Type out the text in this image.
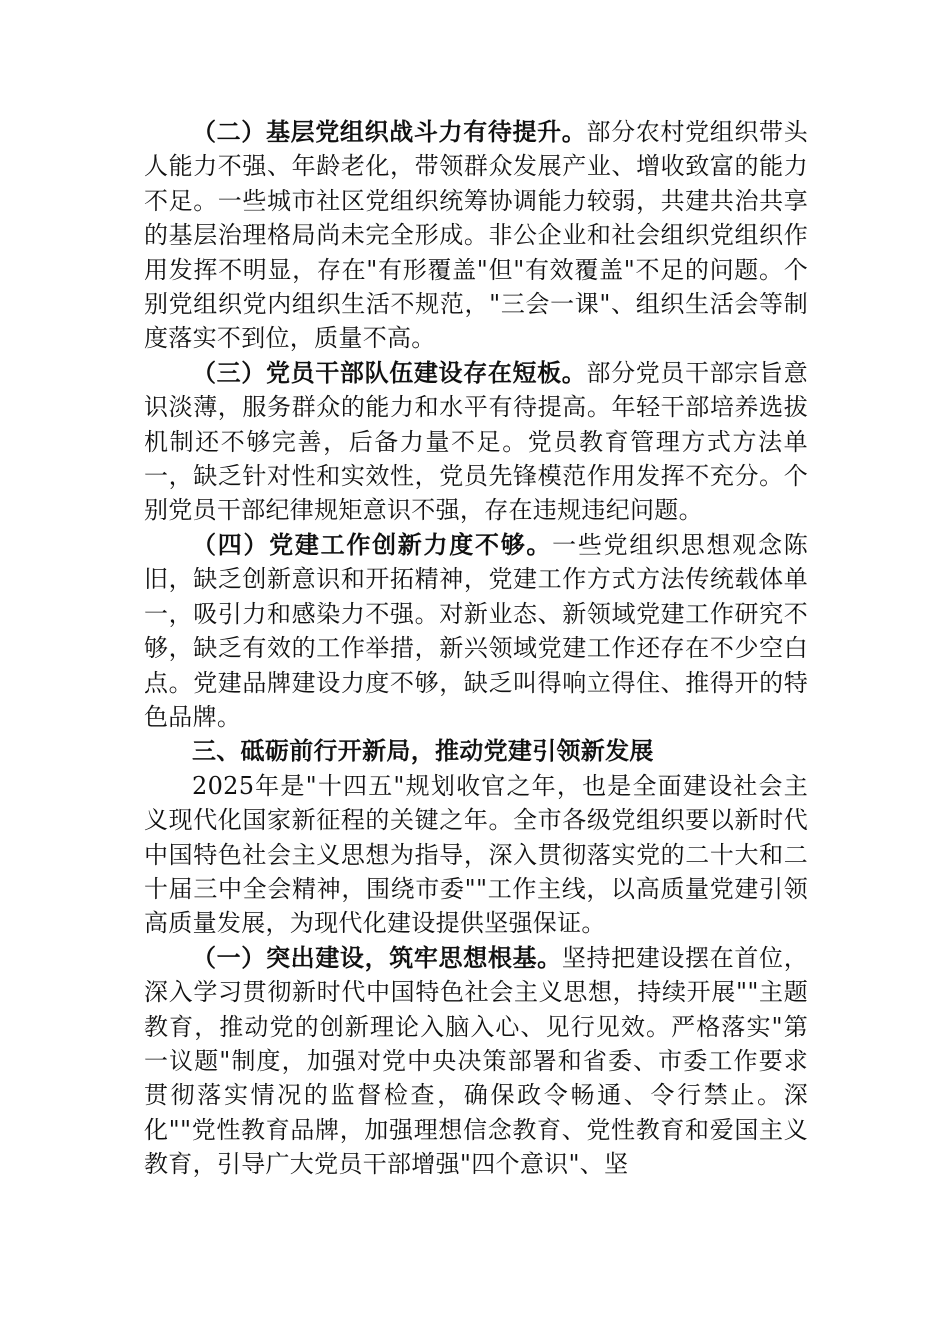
（二）基层党组织战斗力有待提升。部分农村党组织带头人能力不强、年龄老化，带领群众发展产业、增收致富的能力不足。一些城市社区党组织统筹协调能力较弱，共建共治共享的基层治理格局尚未完全形成。非公企业和社会组织党组织作用发挥不明显，存在"有形覆盖"但"有效覆盖"不足的问题。个别党组织党内组织生活不规范，"三会一课"、组织生活会等制度落实不到位，质量不高。

（三）党员干部队伍建设存在短板。部分党员干部宗旨意识淡薄，服务群众的能力和水平有待提高。年轻干部培养选拔机制还不够完善，后备力量不足。党员教育管理方式方法单一，缺乏针对性和实效性，党员先锋模范作用发挥不充分。个别党员干部纪律规矩意识不强，存在违规违纪问题。

（四）党建工作创新力度不够。一些党组织思想观念陈旧，缺乏创新意识和开拓精神，党建工作方式方法传统载体单一，吸引力和感染力不强。对新业态、新领域党建工作研究不够，缺乏有效的工作举措，新兴领域党建工作还存在不少空白点。党建品牌建设力度不够，缺乏叫得响立得住、推得开的特色品牌。

三、砥砺前行开新局，推动党建引领新发展

2025年是"十四五"规划收官之年，也是全面建设社会主义现代化国家新征程的关键之年。全市各级党组织要以新时代中国特色社会主义思想为指导，深入贯彻落实党的二十大和二十届三中全会精神，围绕市委""工作主线，以高质量党建引领高质量发展，为现代化建设提供坚强保证。

（一）突出建设，筑牢思想根基。坚持把建设摆在首位，深入学习贯彻新时代中国特色社会主义思想，持续开展""主题教育，推动党的创新理论入脑入心、见行见效。严格落实"第一议题"制度，加强对党中央决策部署和省委、市委工作要求贯彻落实情况的监督检查，确保政令畅通、令行禁止。深化""党性教育品牌，加强理想信念教育、党性教育和爱国主义教育，引导广大党员干部增强"四个意识"、坚
